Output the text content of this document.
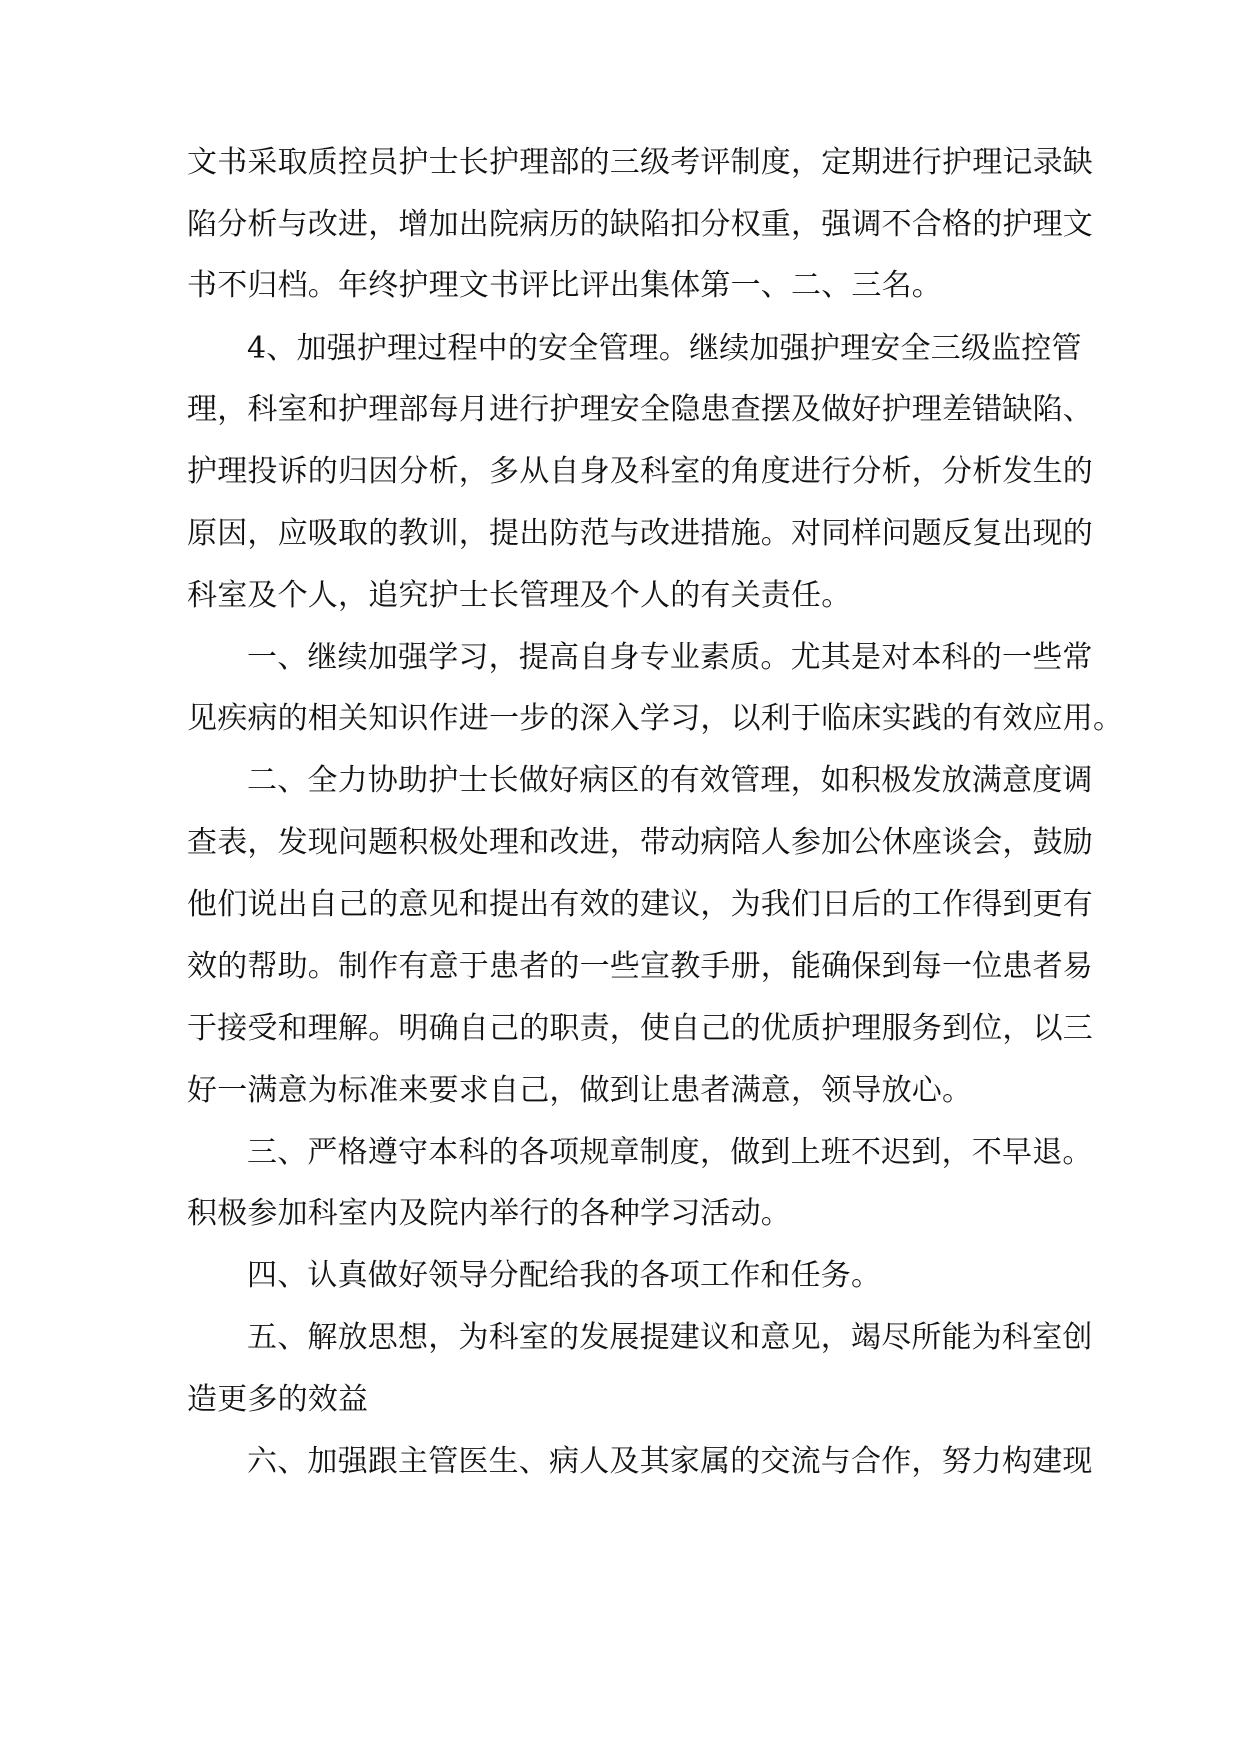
文书采取质控员护士长护理部的三级考评制度，定期进行护理记录缺
陷分析与改进，增加出院病历的缺陷扣分权重，强调不合格的护理文
书不归档。年终护理文书评比评出集体第一、二、三名。
4、加强护理过程中的安全管理。继续加强护理安全三级监控管
理，科室和护理部每月进行护理安全隐患查摆及做好护理差错缺陷、
护理投诉的归因分析，多从自身及科室的角度进行分析，分析发生的
原因，应吸取的教训，提出防范与改进措施。对同样问题反复出现的
科室及个人，追究护士长管理及个人的有关责任。
一、继续加强学习，提高自身专业素质。尤其是对本科的一些常
见疾病的相关知识作进一步的深入学习，以利于临床实践的有效应用。
二、全力协助护士长做好病区的有效管理，如积极发放满意度调
查表，发现问题积极处理和改进，带动病陪人参加公休座谈会，鼓励
他们说出自己的意见和提出有效的建议，为我们日后的工作得到更有
效的帮助。制作有意于患者的一些宣教手册，能确保到每一位患者易
于接受和理解。明确自己的职责，使自己的优质护理服务到位，以三
好一满意为标准来要求自己，做到让患者满意，领导放心。
三、严格遵守本科的各项规章制度，做到上班不迟到，不早退。
积极参加科室内及院内举行的各种学习活动。
四、认真做好领导分配给我的各项工作和任务。
五、解放思想，为科室的发展提建议和意见，竭尽所能为科室创
造更多的效益
六、加强跟主管医生、病人及其家属的交流与合作，努力构建现
